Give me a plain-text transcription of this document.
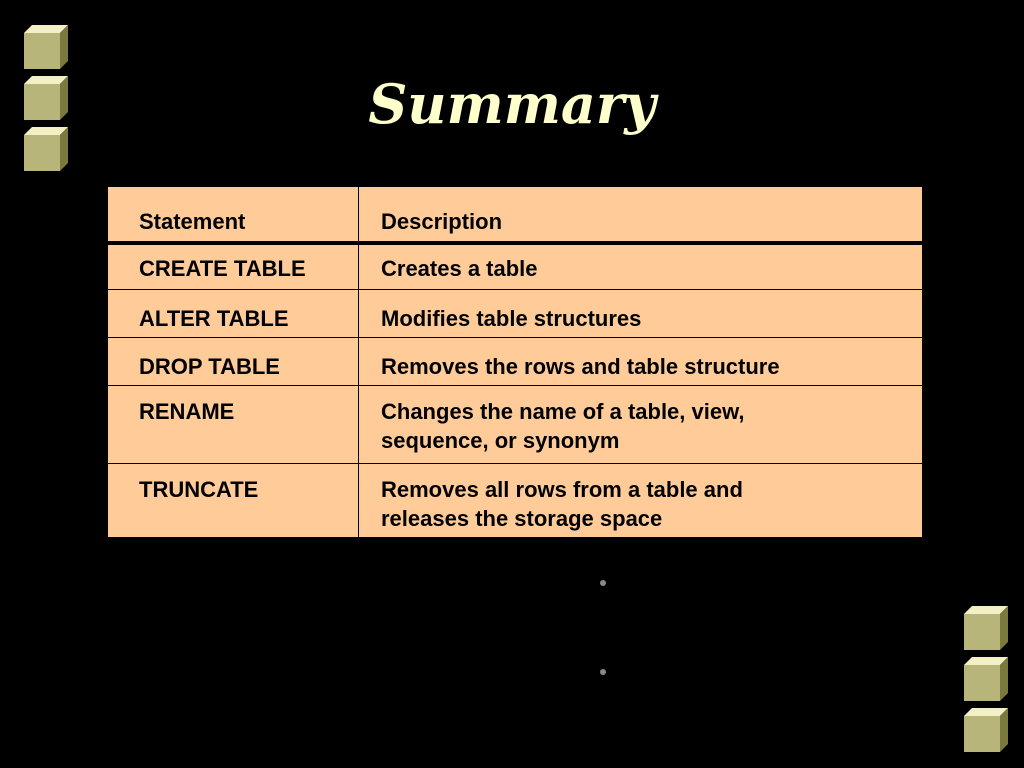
Summary
Statement	Description

CREATE TABLE	Creates a table

ALTER TABLE	Modifies table structures

DROP TABLE	Removes the rows and table structure

RENAME	Changes the name of a table, view, sequence, or synonym

TRUNCATE	Removes all rows from a table and releases the storage space
